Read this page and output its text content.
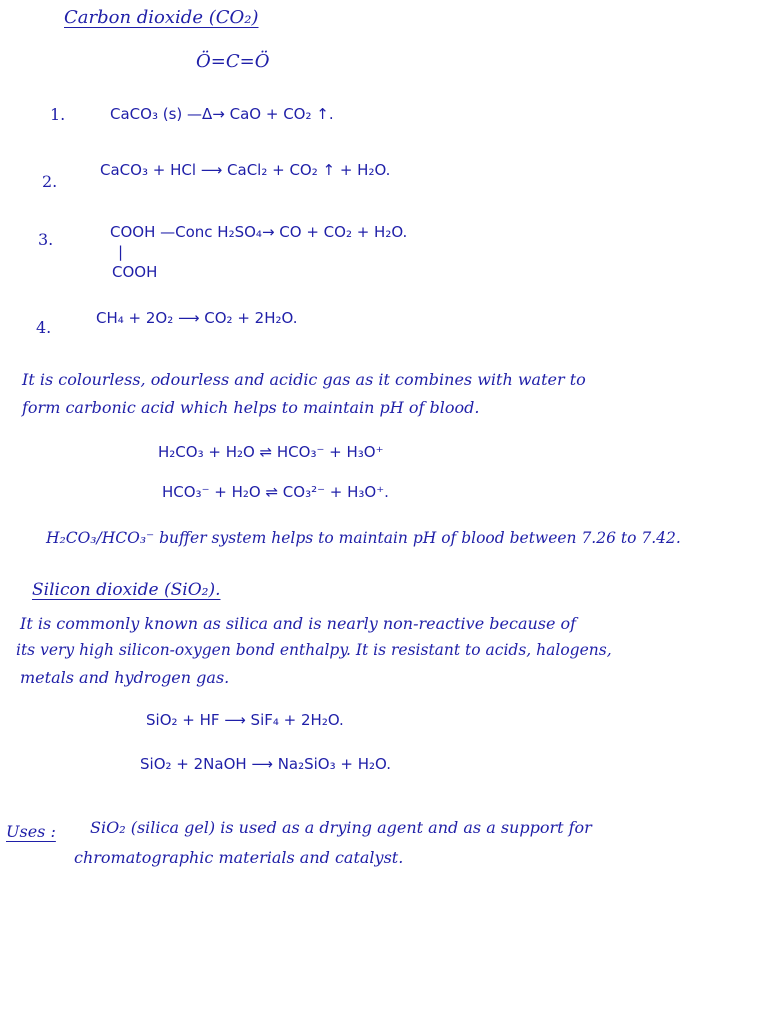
Carbon dioxide (CO₂)
Ö=C=Ö
1.	CaCO₃ (s) —Δ→ CaO + CO₂ ↑.
2.
CaCO₃ + HCl ⟶ CaCl₂ + CO₂ ↑ + H₂O.
3.	COOH —Conc H₂SO₄→ CO + CO₂ + H₂O.
|
COOH
4.	CH₄ + 2O₂ ⟶ CO₂ + 2H₂O.
It is colourless, odourless and acidic gas as it combines with water to
form carbonic acid which helps to maintain pH of blood.
H₂CO₃ + H₂O ⇌ HCO₃⁻ + H₃O⁺
HCO₃⁻ + H₂O ⇌ CO₃²⁻ + H₃O⁺.
H₂CO₃/HCO₃⁻ buffer system helps to maintain pH of blood between 7.26 to 7.42.
Silicon dioxide (SiO₂).
It is commonly known as silica and is nearly non-reactive because of
its very high silicon-oxygen bond enthalpy. It is resistant to acids, halogens,
metals and hydrogen gas.
SiO₂ + HF ⟶ SiF₄ + 2H₂O.
SiO₂ + 2NaOH ⟶ Na₂SiO₃ + H₂O.
Uses : SiO₂ (silica gel) is used as a drying agent and as a support for
chromatographic materials and catalyst.
